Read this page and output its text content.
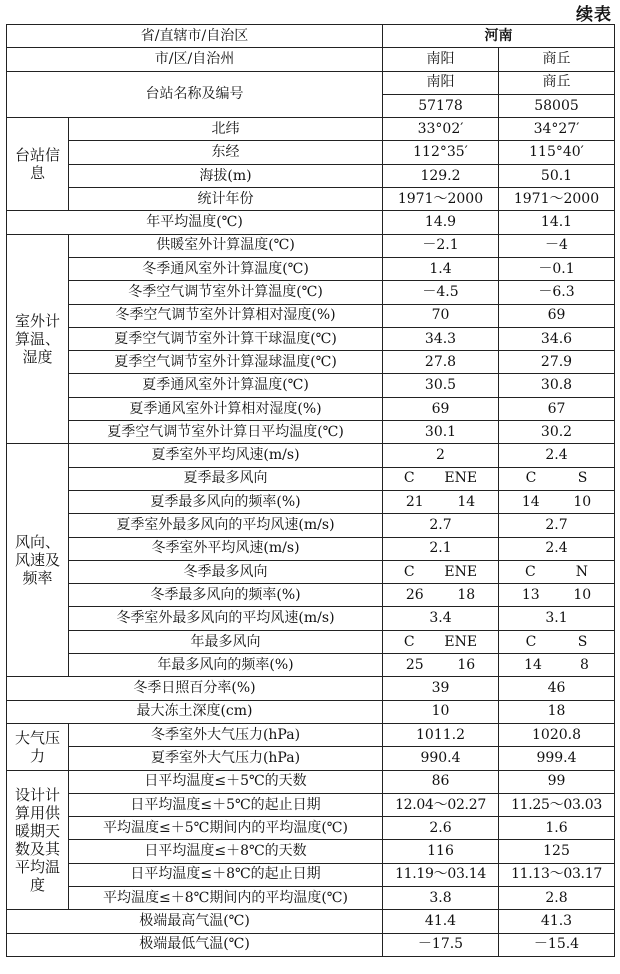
续表
省/直辖市/自治区		河南	
市/区/自治州		南阳	商丘
台站名称及编号		南阳	商丘
		57178	58005
台站信息	北纬	33°02′	34°27′
	东经	112°35′	115°40′
	海拔(m)	129.2	50.1
	统计年份	1971～2000	1971～2000
年平均温度(℃)		14.9	14.1
室外计算温、湿度	供暖室外计算温度(℃)	－2.1	－4
	冬季通风室外计算温度(℃)	1.4	－0.1
	冬季空气调节室外计算温度(℃)	－4.5	－6.3
	冬季空气调节室外计算相对湿度(%)	70	69
	夏季空气调节室外计算干球温度(℃)	34.3	34.6
	夏季空气调节室外计算湿球温度(℃)	27.8	27.9
	夏季通风室外计算温度(℃)	30.5	30.8
	夏季通风室外计算相对湿度(%)	69	67
	夏季空气调节室外计算日平均温度(℃)	30.1	30.2
风向、风速及频率	夏季室外平均风速(m/s)	2	2.4
	夏季最多风向	C ENE	C S

	夏季最多风向的频率(%)	21 14	14 10

	夏季室外最多风向的平均风速(m/s)	2.7	2.7
	冬季室外平均风速(m/s)	2.1	2.4
	冬季最多风向	C ENE	C N

	冬季最多风向的频率(%)	26 18	13 10

	冬季室外最多风向的平均风速(m/s)	3.4	3.1
	年最多风向	C ENE	C S

	年最多风向的频率(%)	25 16	14 8

冬季日照百分率(%)		39	46
最大冻土深度(cm)		10	18
大气压力	冬季室外大气压力(hPa)	1011.2	1020.8
	夏季室外大气压力(hPa)	990.4	999.4
设计计算用供暖期天数及其平均温度	日平均温度≤＋5℃的天数	86	99
	日平均温度≤＋5℃的起止日期	12.04～02.27	11.25～03.03
	平均温度≤＋5℃期间内的平均温度(℃)	2.6	1.6
	日平均温度≤＋8℃的天数	116	125
	日平均温度≤＋8℃的起止日期	11.19～03.14	11.13～03.17
	平均温度≤＋8℃期间内的平均温度(℃)	3.8	2.8
极端最高气温(℃)		41.4	41.3
极端最低气温(℃)		－17.5	－15.4
